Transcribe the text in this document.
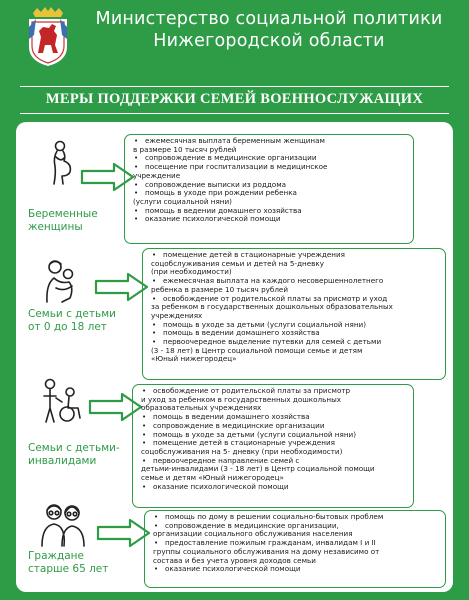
Министерство социальной политики
Нижегородской области
МЕРЫ ПОДДЕРЖКИ СЕМЕЙ ВОЕННОСЛУЖАЩИХ
Беременные
женщины
• ежемесячная выплата беременным женщинам
в размере 10 тысяч рублей
• сопровождение в медицинские организации
• посещение при госпитализации в медицинское
учреждение
• сопровождение выписки из роддома
• помощь в уходе при рождении ребенка
(услуги социальной няни)
• помощь в ведении домашнего хозяйства
• оказание психологической помощи
Семьи с детьми
от 0 до 18 лет
• помещение детей в стационарные учреждения
соцобслуживания семьи и детей на 5-дневку
(при необходимости)
• ежемесячная выплата на каждого несовершеннолетнего
ребенка в размере 10 тысяч рублей
• освобождение от родительской платы за присмотр и уход
за ребенком в государственных дошкольных образовательных
учреждениях
• помощь в уходе за детьми (услуги социальной няни)
• помощь в ведении домашнего хозяйства
• первоочередное выделение путевки для семей с детьми
(3 - 18 лет) в Центр социальной помощи семье и детям
«Юный нижегородец»
Семьи с детьми-
инвалидами
• освобождение от родительской платы за присмотр
и уход за ребенком в государственных дошкольных
образовательных учреждениях
• помощь в ведении домашнего хозяйства
• сопровождение в медицинские организации
• помощь в уходе за детьми (услуги социальной няни)
• помещение детей в стационарные учреждения
соцобслуживания на 5- дневку (при необходимости)
• первоочередное направление семей с
детьми-инвалидами (3 - 18 лет) в Центр социальной помощи
семье и детям «Юный нижегородец»
• оказание психологической помощи
Граждане
старше 65 лет
• помощь по дому в решении социально-бытовых проблем
• сопровождение в медицинские организации,
организации социального обслуживания населения
• предоставление пожилым гражданам, инвалидам I и II
группы социального обслуживания на дому независимо от
состава и без учета уровня доходов семьи
• оказание психологической помощи
